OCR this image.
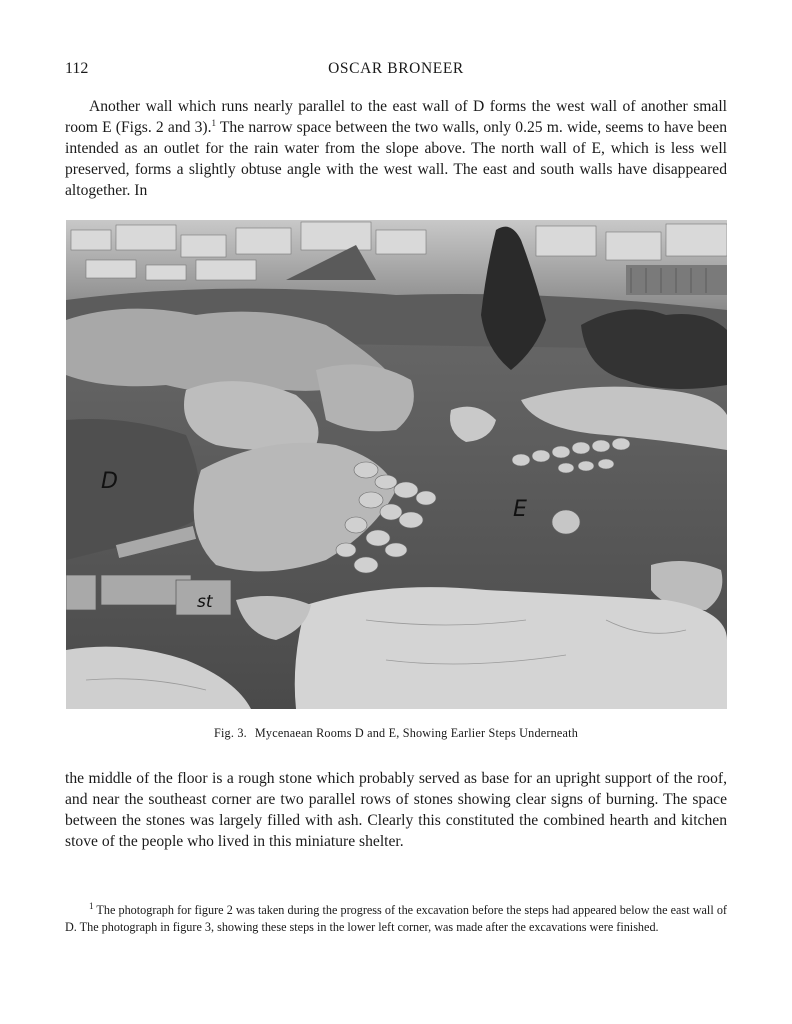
112	OSCAR BRONEER

Another wall which runs nearly parallel to the east wall of D forms the west wall of another small room E (Figs. 2 and 3).$^1$ The narrow space between the two walls, only 0.25 m. wide, seems to have been intended as an outlet for the rain water from the slope above. The north wall of E, which is less well preserved, forms a slightly obtuse angle with the west wall. The east and south walls have disappeared altogether. In

D
E
st
Fig. 3. Mycenaean Rooms D and E, Showing Earlier Steps Underneath

the middle of the floor is a rough stone which probably served as base for an upright support of the roof, and near the southeast corner are two parallel rows of stones showing clear signs of burning. The space between the stones was largely filled with ash. Clearly this constituted the combined hearth and kitchen stove of the people who lived in this miniature shelter.

$^1$ The photograph for figure 2 was taken during the progress of the excavation before the steps had appeared below the east wall of D. The photograph in figure 3, showing these steps in the lower left corner, was made after the excavations were finished.
